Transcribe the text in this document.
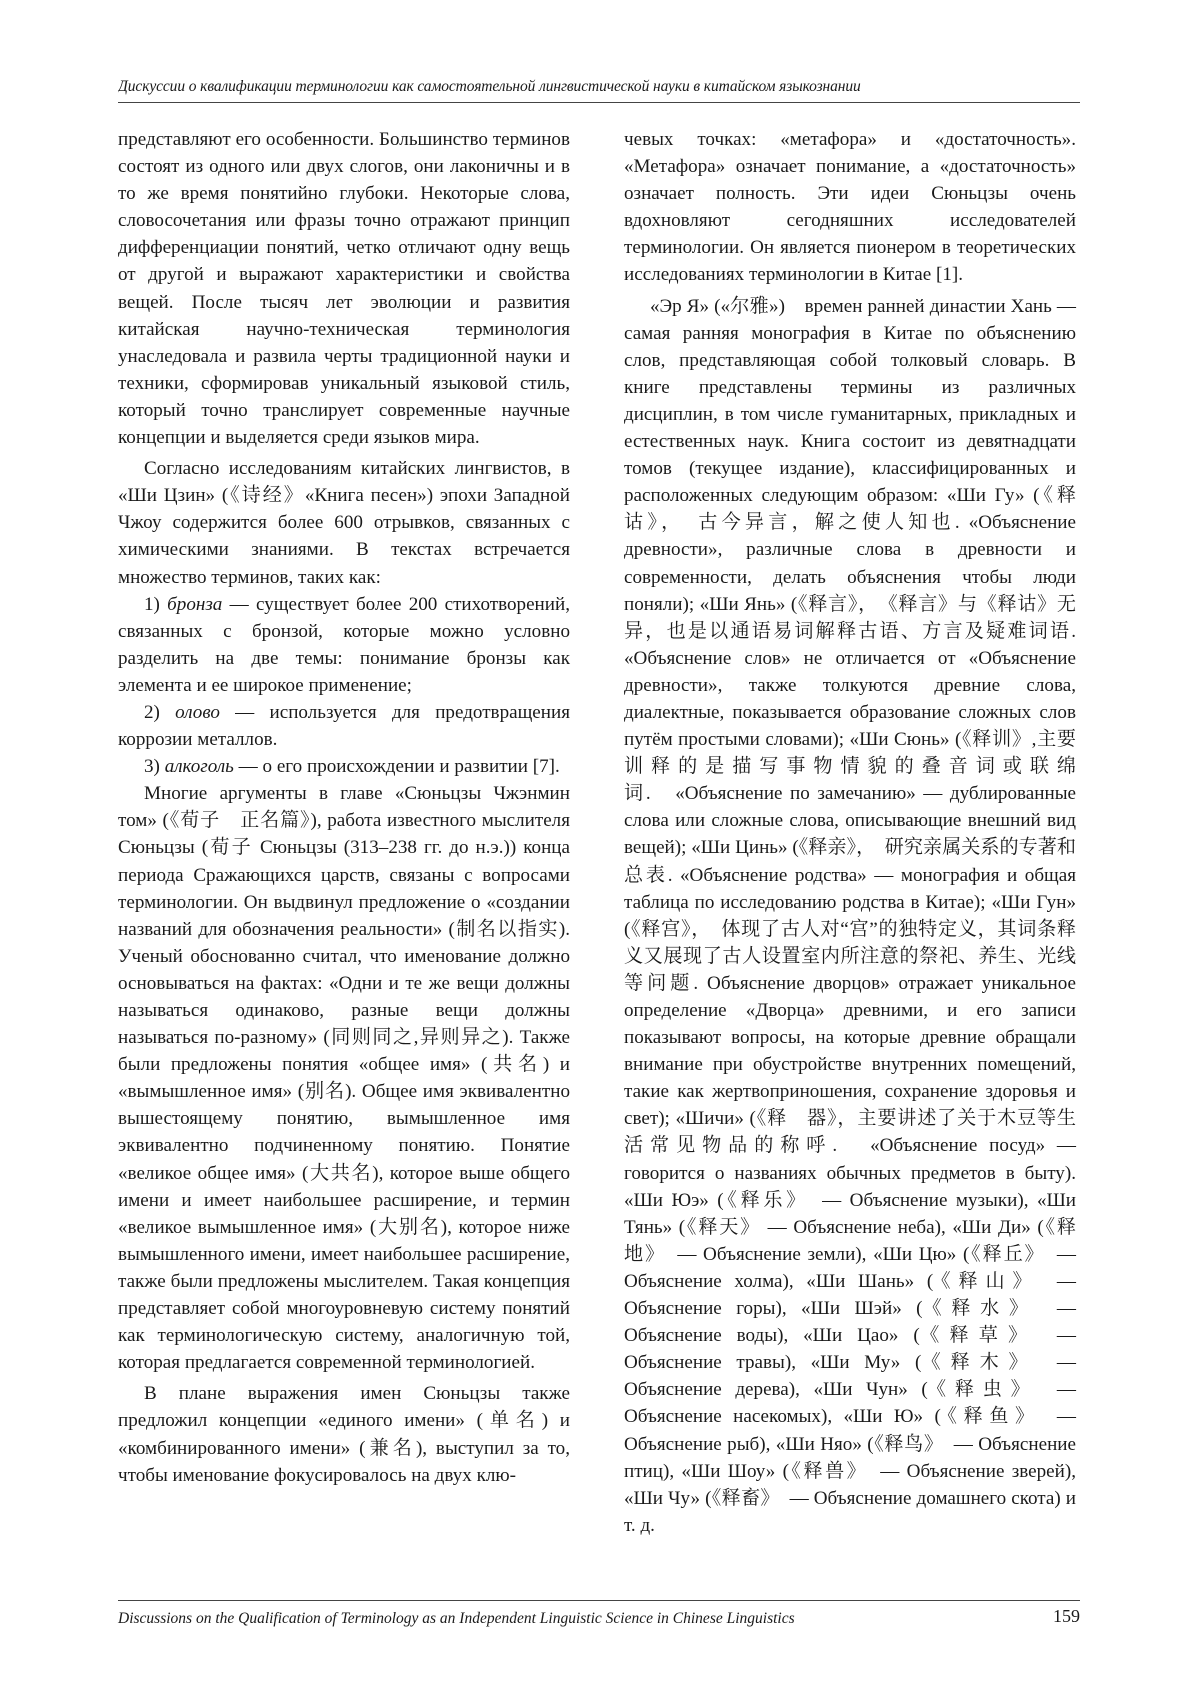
Дискуссии о квалификации терминологии как самостоятельной лингвистической науки в китайском языкознании

представляют его особенности. Большинство терминов состоят из одного или двух слогов, они лаконичны и в то же время понятийно глубоки. Некоторые слова, словосочетания или фразы точно отражают принцип дифференциации понятий, четко отличают одну вещь от другой и выражают характеристики и свойства вещей. После тысяч лет эволюции и развития китайская научно-техническая терминология унаследовала и развила черты традиционной науки и техники, сформировав уникальный языковой стиль, который точно транслирует современные научные концепции и выделяется среди языков мира.

Согласно исследованиям китайских лингвистов, в «Ши Цзин» (《诗经》«Книга песен») эпохи Западной Чжоу содержится более 600 отрывков, связанных с химическими знаниями. В текстах встречается множество терминов, таких как:

1) бронза — существует более 200 стихотворений, связанных с бронзой, которые можно условно разделить на две темы: понимание бронзы как элемента и ее широкое применение;

2) олово — используется для предотвращения коррозии металлов.

3) алкоголь — о его происхождении и развитии [7].

Многие аргументы в главе «Сюньцзы Чжэнмин том» (《荀子　正名篇》), работа известного мыслителя Сюньцзы (荀子 Сюньцзы (313–238 гг. до н.э.)) конца периода Сражающихся царств, связаны с вопросами терминологии. Он выдвинул предложение о «создании названий для обозначения реальности» (制名以指实). Ученый обоснованно считал, что именование должно основываться на фактах: «Одни и те же вещи должны называться одинаково, разные вещи должны называться по-разному» (同则同之,异则异之). Также были предложены понятия «общее имя» (共名) и «вымышленное имя» (别名). Общее имя эквивалентно вышестоящему понятию, вымышленное имя эквивалентно подчиненному понятию. Понятие «великое общее имя» (大共名), которое выше общего имени и имеет наибольшее расширение, и термин «великое вымышленное имя» (大别名), которое ниже вымышленного имени, имеет наибольшее расширение, также были предложены мыслителем. Такая концепция представляет собой многоуровневую систему понятий как терминологическую систему, аналогичную той, которая предлагается современной терминологией.

В плане выражения имен Сюньцзы также предложил концепции «единого имени» (单名) и «комбинированного имени» (兼名), выступил за то, чтобы именование фокусировалось на двух клю-

чевых точках: «метафора» и «достаточность». «Метафора» означает понимание, а «достаточность» означает полность. Эти идеи Сюньцзы очень вдохновляют сегодняшних исследователей терминологии. Он является пионером в теоретических исследованиях терминологии в Китае [1].

«Эр Я» («尔雅»)　времен ранней династии Хань — самая ранняя монография в Китае по объяснению слов, представляющая собой толковый словарь. В книге представлены термины из различных дисциплин, в том числе гуманитарных, прикладных и естественных наук. Книга состоит из девятнадцати томов (текущее издание), классифицированных и расположенных следующим образом: «Ши Гу» (《释诂》，　古今异言，解之使人知也. «Объяснение древности», различные слова в древности и современности, делать объяснения чтобы люди поняли); «Ши Янь» (《释言》，　《释言》与《释诂》无异，也是以通语易词解释古语、方言及疑难词语. «Объяснение слов» не отличается от «Объяснение древности», также толкуются древние слова, диалектные, показывается образование сложных слов путём простыми словами); «Ши Сюнь» (《释训》,主要训释的是描写事物情貌的叠音词或联绵词.　«Объяснение по замечанию» — дублированные слова или сложные слова, описывающие внешний вид вещей); «Ши Цинь» (《释亲》，　研究亲属关系的专著和总表. «Объяснение родства» — монография и общая таблица по исследованию родства в Китае); «Ши Гун» (《释宫》，　体现了古人对“宫”的独特定义，其词条释义又展现了古人设置室内所注意的祭祀、养生、光线等问题. Объяснение дворцов» отражает уникальное определение «Дворца» древними, и его записи показывают вопросы, на которые древние обращали внимание при обустройстве внутренних помещений, такие как жертвоприношения, сохранение здоровья и свет); «Шичи» (《释　器》，主要讲述了关于木豆等生活常见物品的称呼.　«Объяснение посуд» — говорится о названиях обычных предметов в быту). «Ши Юэ» (《释乐》　— Объяснение музыки), «Ши Тянь» (《释天》 — Объяснение неба), «Ши Ди» (《释地》　— Объяснение земли), «Ши Цю» (《释丘》　— Объяснение холма), «Ши Шань» (《释山》　— Объяснение горы), «Ши Шэй» (《释水》　— Объяснение воды), «Ши Цао» (《释草》　— Объяснение травы), «Ши Му» (《释木》　— Объяснение дерева), «Ши Чун» (《释虫》　— Объяснение насекомых), «Ши Ю» (《释鱼》　— Объяснение рыб), «Ши Няо» (《释鸟》　— Объяснение птиц), «Ши Шоу» (《释兽》　— Объяснение зверей), «Ши Чу» (《释畜》　— Объяснение домашнего скота) и т. д.

Discussions on the Qualification of Terminology as an Independent Linguistic Science in Chinese Linguistics	159
